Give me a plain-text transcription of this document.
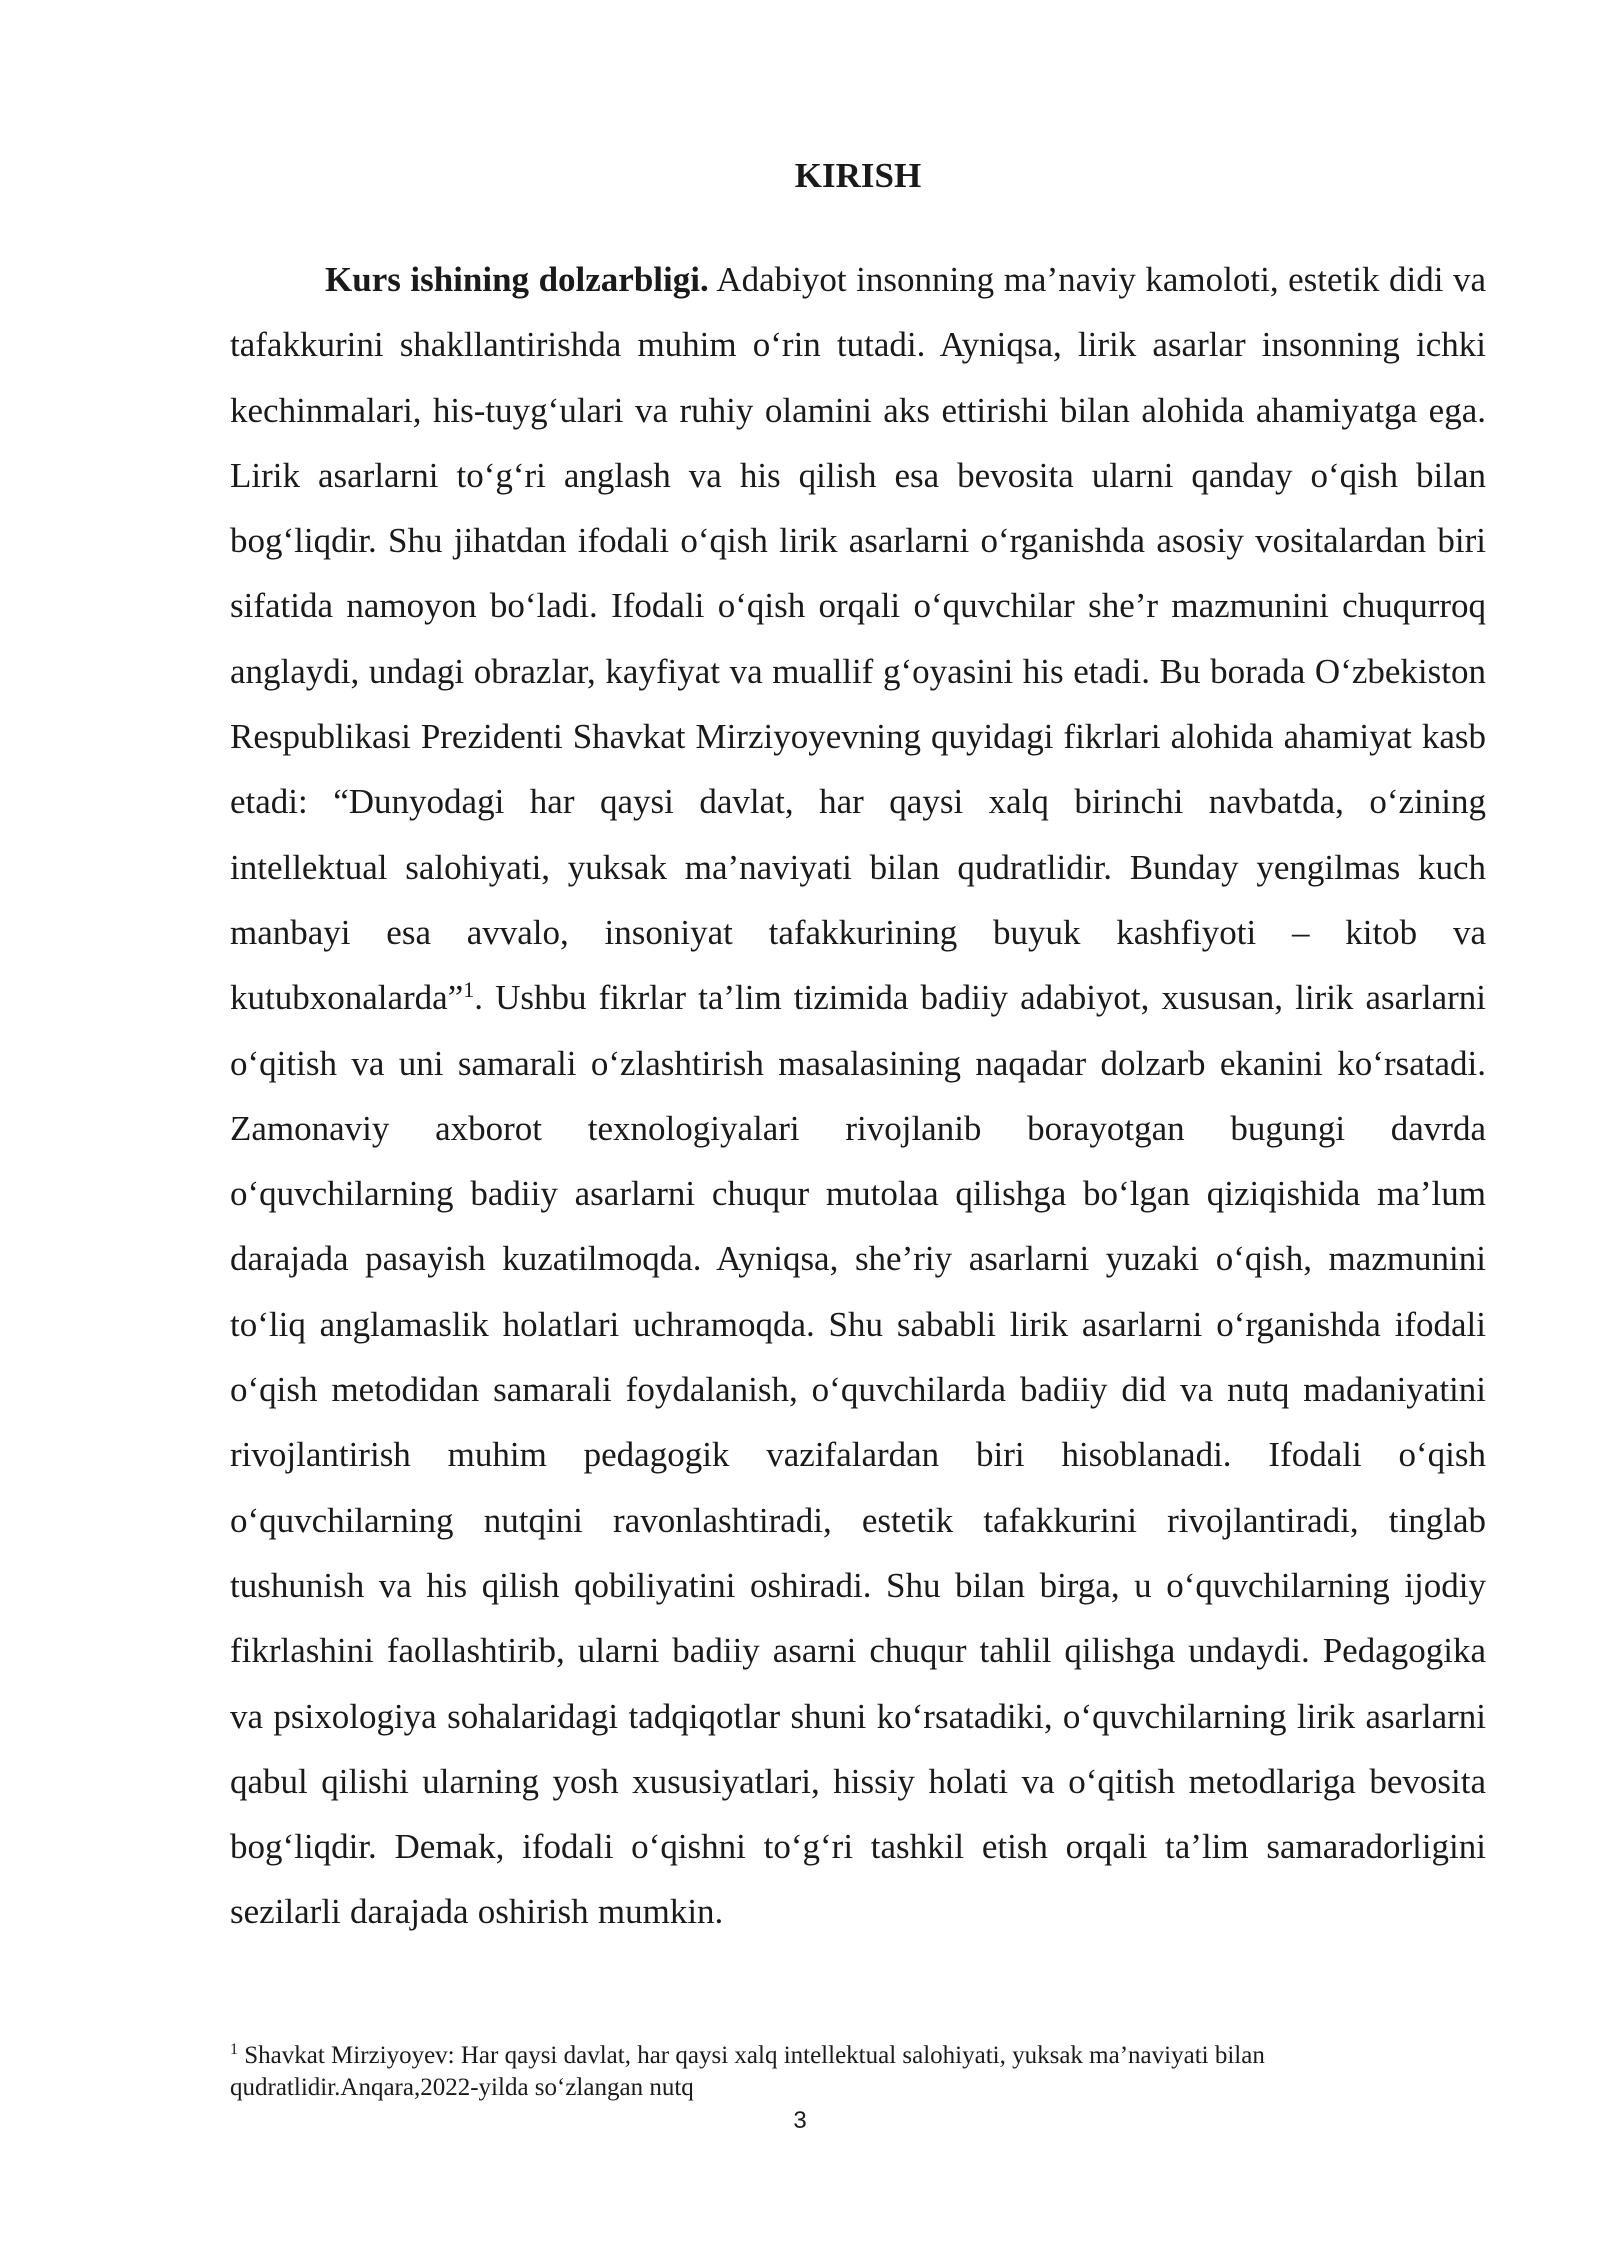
KIRISH

Kurs ishining dolzarbligi. Adabiyot insonning ma’naviy kamoloti, estetik didi va tafakkurini shakllantirishda muhim o‘rin tutadi. Ayniqsa, lirik asarlar insonning ichki kechinmalari, his-tuyg‘ulari va ruhiy olamini aks ettirishi bilan alohida ahamiyatga ega. Lirik asarlarni to‘g‘ri anglash va his qilish esa bevosita ularni qanday o‘qish bilan bog‘liqdir. Shu jihatdan ifodali o‘qish lirik asarlarni o‘rganishda asosiy vositalardan biri sifatida namoyon bo‘ladi. Ifodali o‘qish orqali o‘quvchilar she’r mazmunini chuqurroq anglaydi, undagi obrazlar, kayfiyat va muallif g‘oyasini his etadi. Bu borada O‘zbekiston Respublikasi Prezidenti Shavkat Mirziyoyevning quyidagi fikrlari alohida ahamiyat kasb etadi: “Dunyodagi har qaysi davlat, har qaysi xalq birinchi navbatda, o‘zining intellektual salohiyati, yuksak ma’naviyati bilan qudratlidir. Bunday yengilmas kuch manbayi esa avvalo, insoniyat tafakkurining buyuk kashfiyoti – kitob va kutubxonalarda”$^1$. Ushbu fikrlar ta’lim tizimida badiiy adabiyot, xususan, lirik asarlarni o‘qitish va uni samarali o‘zlashtirish masalasining naqadar dolzarb ekanini ko‘rsatadi. Zamonaviy axborot texnologiyalari rivojlanib borayotgan bugungi davrda o‘quvchilarning badiiy asarlarni chuqur mutolaa qilishga bo‘lgan qiziqishida ma’lum darajada pasayish kuzatilmoqda. Ayniqsa, she’riy asarlarni yuzaki o‘qish, mazmunini to‘liq anglamaslik holatlari uchramoqda. Shu sababli lirik asarlarni o‘rganishda ifodali o‘qish metodidan samarali foydalanish, o‘quvchilarda badiiy did va nutq madaniyatini rivojlantirish muhim pedagogik vazifalardan biri hisoblanadi. Ifodali o‘qish o‘quvchilarning nutqini ravonlashtiradi, estetik tafakkurini rivojlantiradi, tinglab tushunish va his qilish qobiliyatini oshiradi. Shu bilan birga, u o‘quvchilarning ijodiy fikrlashini faollashtirib, ularni badiiy asarni chuqur tahlil qilishga undaydi. Pedagogika va psixologiya sohalaridagi tadqiqotlar shuni ko‘rsatadiki, o‘quvchilarning lirik asarlarni qabul qilishi ularning yosh xususiyatlari, hissiy holati va o‘qitish metodlariga bevosita bog‘liqdir. Demak, ifodali o‘qishni to‘g‘ri tashkil etish orqali ta’lim samaradorligini sezilarli darajada oshirish mumkin.

$^1$ Shavkat Mirziyoyev: Har qaysi davlat, har qaysi xalq intellektual salohiyati, yuksak ma’naviyati bilan qudratlidir.Anqara,2022-yilda so‘zlangan nutq

3
